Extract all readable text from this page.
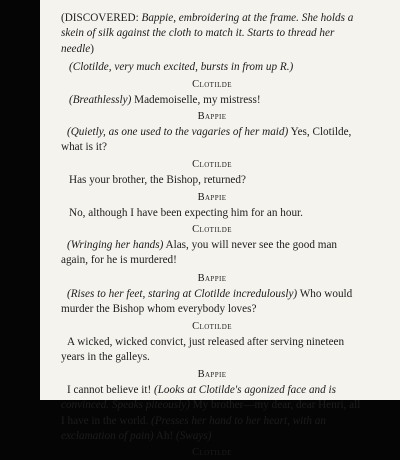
(DISCOVERED: Bappie, embroidering at the frame. She holds a skein of silk against the cloth to match it. Starts to thread her needle)
(Clotilde, very much excited, bursts in from up R.)
Clotilde
(Breathlessly) Mademoiselle, my mistress!
Bappie
(Quietly, as one used to the vagaries of her maid) Yes, Clotilde, what is it?
Clotilde
Has your brother, the Bishop, returned?
Bappie
No, although I have been expecting him for an hour.
Clotilde
(Wringing her hands) Alas, you will never see the good man again, for he is murdered!
Bappie
(Rises to her feet, staring at Clotilde incredulously) Who would murder the Bishop whom everybody loves?
Clotilde
A wicked, wicked convict, just released after serving nineteen years in the galleys.
Bappie
I cannot believe it! (Looks at Clotilde's agonized face and is convinced. Speaks piteously) My brother—my dear, dear Henri, all I have in the world. (Presses her hand to her heart, with an exclamation of pain) Ah! (Sways)
Clotilde
